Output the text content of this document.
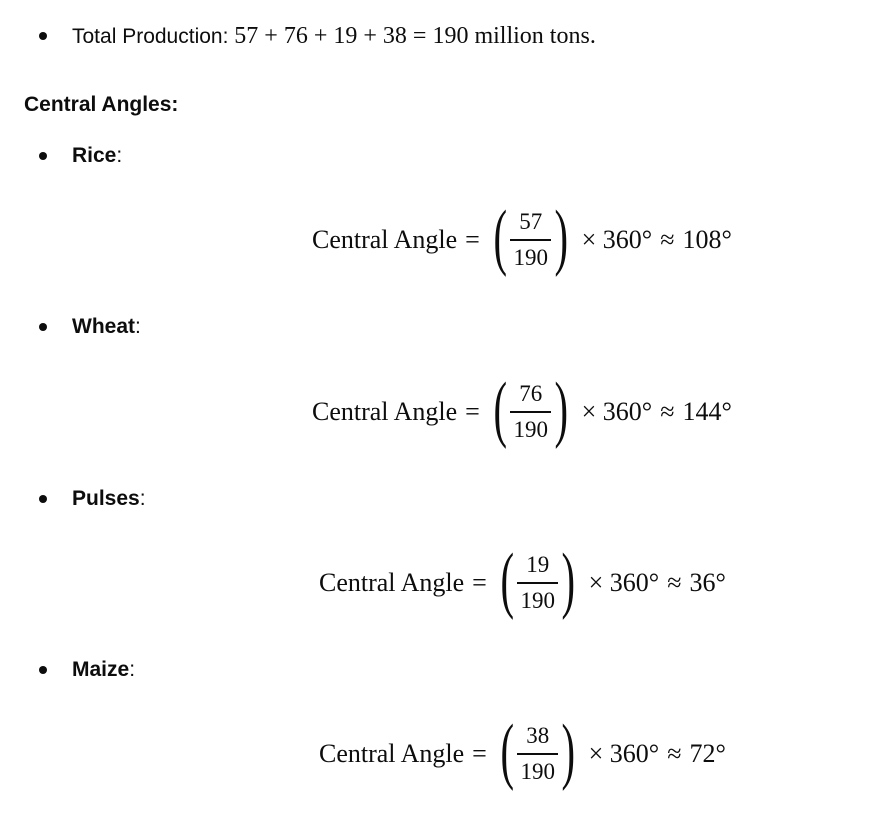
Total Production: 57 + 76 + 19 + 38 = 190 million tons.
Central Angles:
Rice:
Central Angle = ( $\frac{57}{190}$ ) × 360° ≈ 108°
Wheat:
Central Angle = ( $\frac{76}{190}$ ) × 360° ≈ 144°
Pulses:
Central Angle = ( $\frac{19}{190}$ ) × 360° ≈ 36°
Maize:
Central Angle = ( $\frac{38}{190}$ ) × 360° ≈ 72°
